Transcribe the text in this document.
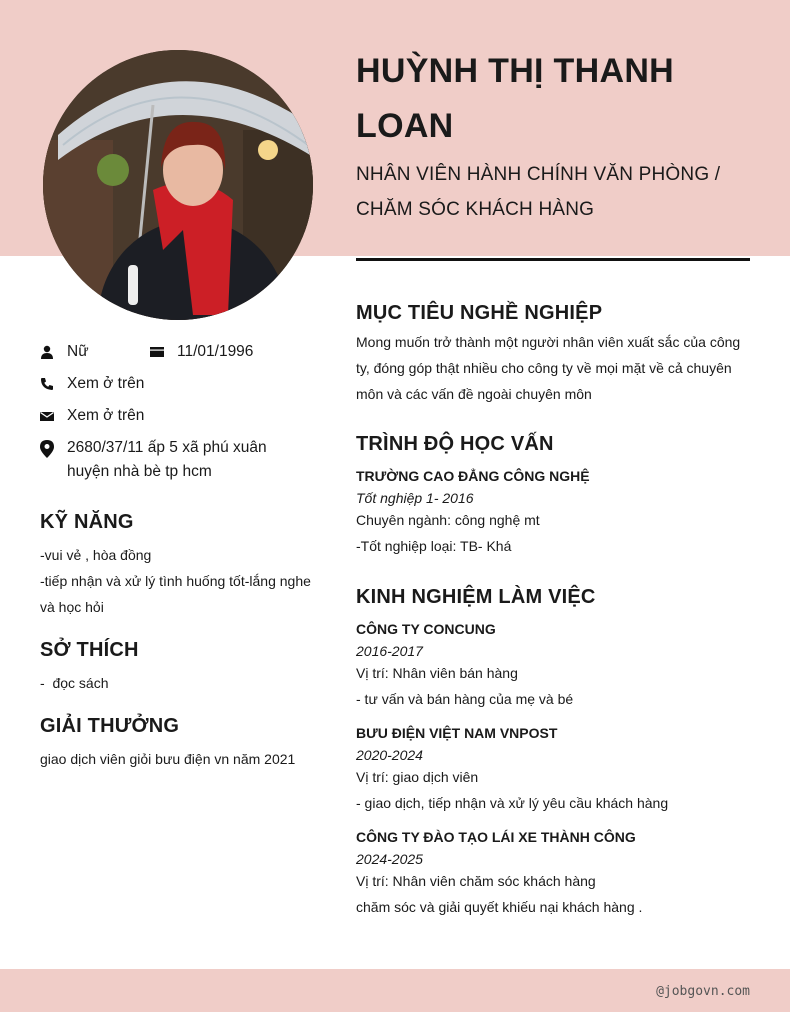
HUỲNH THỊ THANH
LOAN
NHÂN VIÊN HÀNH CHÍNH VĂN PHÒNG /
CHĂM SÓC KHÁCH HÀNG
Nữ	11/01/1996
Xem ở trên
Xem ở trên
2680/37/11 ấp 5 xã phú xuân
huyện nhà bè tp hcm
KỸ NĂNG
-vui vẻ , hòa đồng
-tiếp nhận và xử lý tình huống tốt-lắng nghe
và học hỏi
SỞ THÍCH
-  đọc sách
GIẢI THƯỞNG
giao dịch viên giỏi bưu điện vn năm 2021
MỤC TIÊU NGHỀ NGHIỆP
Mong muốn trở thành một người nhân viên xuất sắc của công
ty, đóng góp thật nhiều cho công ty về mọi mặt về cả chuyên
môn và các vấn đề ngoài chuyên môn
TRÌNH ĐỘ HỌC VẤN
TRƯỜNG CAO ĐẲNG CÔNG NGHỆ
Tốt nghiệp 1- 2016
Chuyên ngành: công nghệ mt
-Tốt nghiệp loại: TB- Khá
KINH NGHIỆM LÀM VIỆC
CÔNG TY CONCUNG
2016-2017
Vị trí: Nhân viên bán hàng
- tư vấn và bán hàng của mẹ và bé
BƯU ĐIỆN VIỆT NAM VNPOST
2020-2024
Vị trí: giao dịch viên
- giao dịch, tiếp nhận và xử lý yêu cầu khách hàng
CÔNG TY ĐÀO TẠO LÁI XE THÀNH CÔNG
2024-2025
Vị trí: Nhân viên chăm sóc khách hàng
chăm sóc và giải quyết khiếu nại khách hàng .
@jobgovn.com
